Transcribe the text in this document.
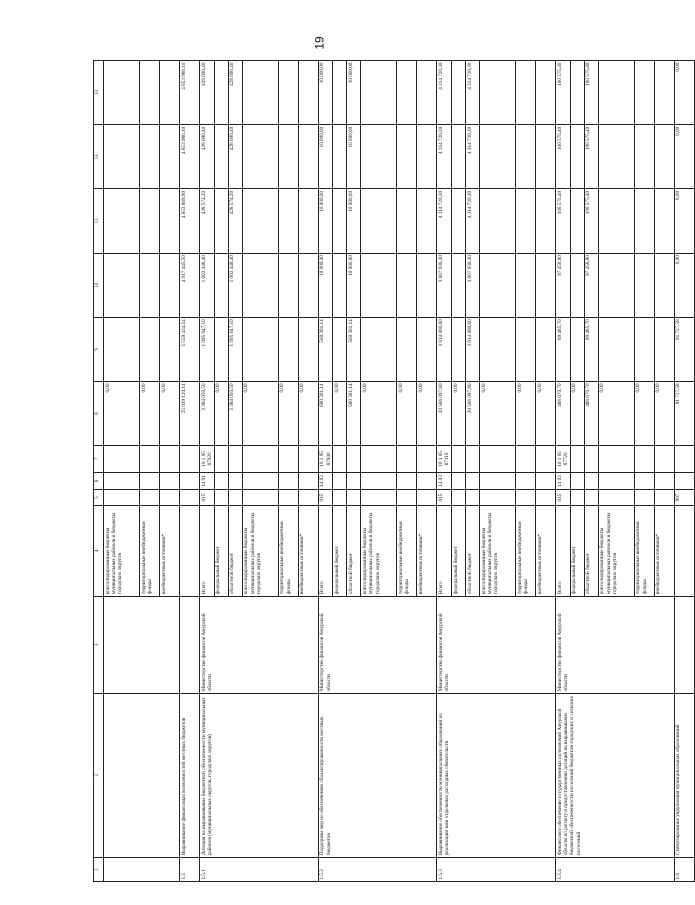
19
1	2	3	4	5	6	7	8	9	10	11	12	13
			консолидированные бюджеты муниципальных районов и бюджеты городских округов				0,00					
			территориальные внебюджетные фонды				0,00					
			внебюджетные источники*				0,00					
1.5	Выравнивание финансовых возможностей местных бюджетов						25 039 120,14	5 559 434,54	4 917 445,50	4 853 869,90	4 853 986,10	4 853 986,10
1.5.1	Дотация на выравнивание бюджетной обеспеченности муниципальных районов (муниципальных округов, городских округов)	Министерство финансов Амурской области	Всего	015	14 01	10 1 05 87020	3 384 050,50	1 095 647,10	1 002 448,40	428 574,20	428 690,40	428 690,40
			федеральный бюджет				0,00					
			областной бюджет				3 384 050,50	1 095 647,10	1 002 448,40	428 574,20	428 690,40	428 690,40
			консолидированные бюджеты муниципальных районов и бюджеты городских округов				0,00					
			территориальные внебюджетные фонды				0,00					
			внебюджетные источники*				0,00					
1.5.2	Поддержка мер по обеспечению сбалансированности местных бюджетов	Министерство финансов Амурской области	Всего	015	14 02	10 1 05 87040	600 301,14	560 301,14	10 000,00	10 000,00	10 000,00	10 000,00
			федеральный бюджет				0,00					
			областной бюджет				600 301,14	560 301,14	10 000,00	10 000,00	10 000,00	10 000,00
			консолидированные бюджеты муниципальных районов и бюджеты городских округов				0,00					
			территориальные внебюджетные фонды				0,00					
			внебюджетные источники*				0,00					
1.5.3	Выравнивание обеспеченности муниципальных образований по реализации ими отдельных расходных обязательств	Министерство финансов Амурской области	Всего	015	14 03	10 1 05 87110	20 566 097,80	3 814 000,60	3 807 936,30	4 314 720,30	4 314 720,30	4 314 720,30
			федеральный бюджет				0,00					
			областной бюджет				20 566 097,80	3 814 000,60	3 807 936,30	4 314 720,30	4 314 720,30	4 314 720,30
			консолидированные бюджеты муниципальных районов и бюджеты городских округов				0,00					
			территориальные внебюджетные фонды				0,00					
			внебюджетные источники*				0,00					
1.5.4	Финансовое обеспечение государственных полномочий Амурской области по расчету и предоставлению дотаций на выравнивание бюджетной обеспеченности поселений бюджетам городских и сельских поселений	Министерство финансов Амурской области	Всего	015	14 03	10 1 05 87720	488 670,70	89 485,70	97 458,80	100 575,40	100 575,40	100 575,40
			федеральный бюджет				0,00					
			областной бюджет				488 670,70	89 485,70	97 458,80	100 575,40	100 575,40	100 575,40
			консолидированные бюджеты муниципальных районов и бюджеты городских округов				0,00					
			территориальные внебюджетные фонды				0,00					
			внебюджетные источники*				0,00					
1.6	Стимулирование укрупнения муниципальных образований			907			91 727,58	91 727,58	0,00	0,00	0,00	0,00
